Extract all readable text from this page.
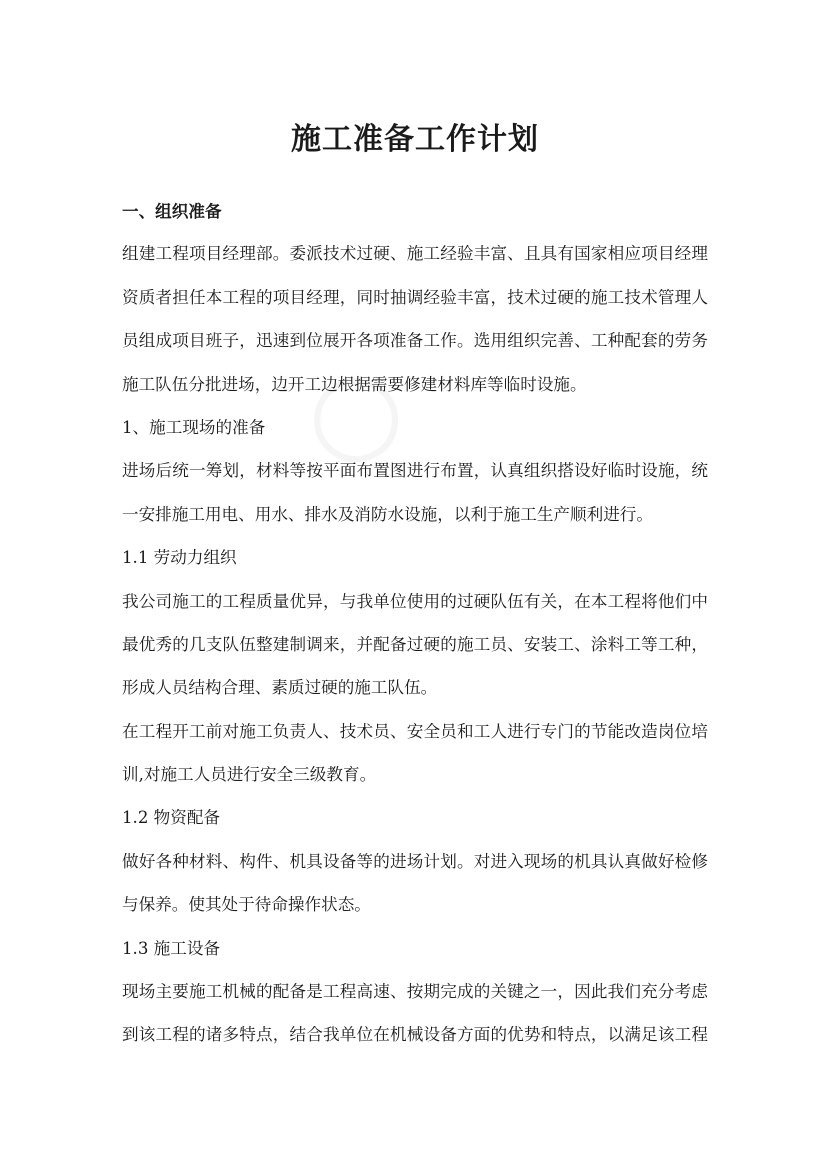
施工准备工作计划
一、组织准备
组建工程项目经理部。委派技术过硬、施工经验丰富、且具有国家相应项目经理
资质者担任本工程的项目经理，同时抽调经验丰富，技术过硬的施工技术管理人
员组成项目班子，迅速到位展开各项准备工作。选用组织完善、工种配套的劳务
施工队伍分批进场，边开工边根据需要修建材料库等临时设施。
1、施工现场的准备
进场后统一筹划，材料等按平面布置图进行布置，认真组织搭设好临时设施，统
一安排施工用电、用水、排水及消防水设施，以利于施工生产顺利进行。
1.1 劳动力组织
我公司施工的工程质量优异，与我单位使用的过硬队伍有关，在本工程将他们中
最优秀的几支队伍整建制调来，并配备过硬的施工员、安装工、涂料工等工种，
形成人员结构合理、素质过硬的施工队伍。
在工程开工前对施工负责人、技术员、安全员和工人进行专门的节能改造岗位培
训,对施工人员进行安全三级教育。
1.2 物资配备
做好各种材料、构件、机具设备等的进场计划。对进入现场的机具认真做好检修
与保养。使其处于待命操作状态。
1.3 施工设备
现场主要施工机械的配备是工程高速、按期完成的关键之一，因此我们充分考虑
到该工程的诸多特点，结合我单位在机械设备方面的优势和特点，以满足该工程
